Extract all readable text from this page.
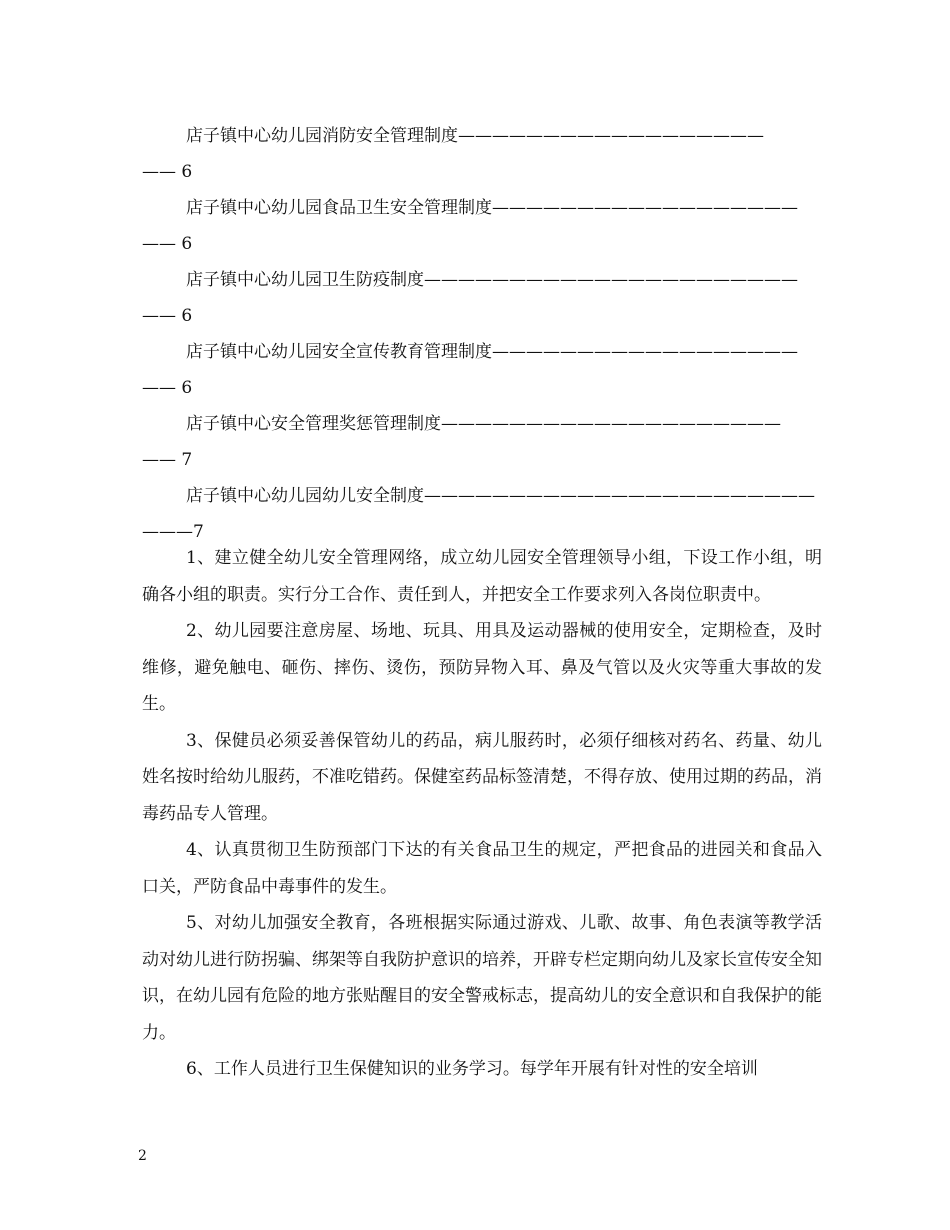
店子镇中心幼儿园消防安全管理制度——————————————————
—— 6
店子镇中心幼儿园食品卫生安全管理制度——————————————————
—— 6
店子镇中心幼儿园卫生防疫制度——————————————————————
—— 6
店子镇中心幼儿园安全宣传教育管理制度——————————————————
—— 6
店子镇中心安全管理奖惩管理制度————————————————————
—— 7
店子镇中心幼儿园幼儿安全制度———————————————————————
———7

1、建立健全幼儿安全管理网络，成立幼儿园安全管理领导小组，下设工作小组，明确各小组的职责。实行分工合作、责任到人，并把安全工作要求列入各岗位职责中。

2、幼儿园要注意房屋、场地、玩具、用具及运动器械的使用安全，定期检查，及时维修，避免触电、砸伤、摔伤、烫伤，预防异物入耳、鼻及气管以及火灾等重大事故的发生。

3、保健员必须妥善保管幼儿的药品，病儿服药时，必须仔细核对药名、药量、幼儿姓名按时给幼儿服药，不准吃错药。保健室药品标签清楚，不得存放、使用过期的药品，消毒药品专人管理。

4、认真贯彻卫生防预部门下达的有关食品卫生的规定，严把食品的进园关和食品入口关，严防食品中毒事件的发生。

5、对幼儿加强安全教育，各班根据实际通过游戏、儿歌、故事、角色表演等教学活动对幼儿进行防拐骗、绑架等自我防护意识的培养，开辟专栏定期向幼儿及家长宣传安全知识，在幼儿园有危险的地方张贴醒目的安全警戒标志，提高幼儿的安全意识和自我保护的能力。

6、工作人员进行卫生保健知识的业务学习。每学年开展有针对性的安全培训

2
